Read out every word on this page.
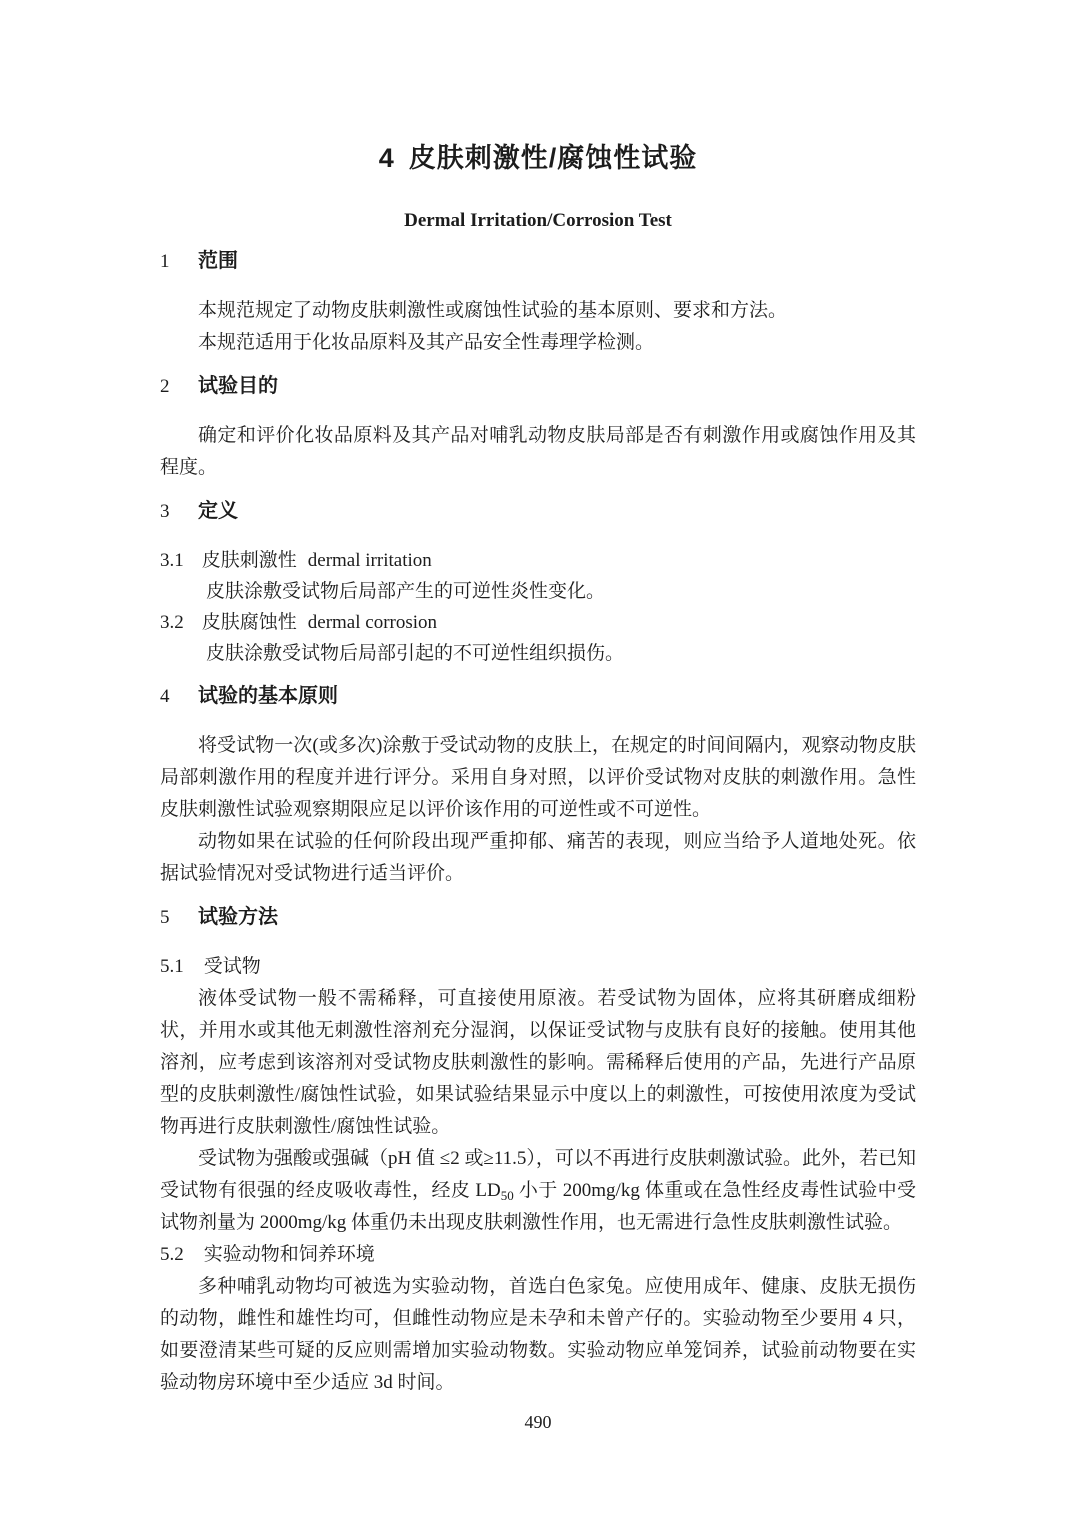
4 皮肤刺激性/腐蚀性试验
Dermal Irritation/Corrosion Test
1 范围
本规范规定了动物皮肤刺激性或腐蚀性试验的基本原则、要求和方法。
本规范适用于化妆品原料及其产品安全性毒理学检测。
2 试验目的
确定和评价化妆品原料及其产品对哺乳动物皮肤局部是否有刺激作用或腐蚀作用及其程度。
3 定义
3.1 皮肤刺激性 dermal irritation
皮肤涂敷受试物后局部产生的可逆性炎性变化。
3.2 皮肤腐蚀性 dermal corrosion
皮肤涂敷受试物后局部引起的不可逆性组织损伤。
4 试验的基本原则
将受试物一次(或多次)涂敷于受试动物的皮肤上，在规定的时间间隔内，观察动物皮肤局部刺激作用的程度并进行评分。采用自身对照，以评价受试物对皮肤的刺激作用。急性皮肤刺激性试验观察期限应足以评价该作用的可逆性或不可逆性。
动物如果在试验的任何阶段出现严重抑郁、痛苦的表现，则应当给予人道地处死。依据试验情况对受试物进行适当评价。
5 试验方法
5.1 受试物
液体受试物一般不需稀释，可直接使用原液。若受试物为固体，应将其研磨成细粉状，并用水或其他无刺激性溶剂充分湿润，以保证受试物与皮肤有良好的接触。使用其他溶剂，应考虑到该溶剂对受试物皮肤刺激性的影响。需稀释后使用的产品，先进行产品原型的皮肤刺激性/腐蚀性试验，如果试验结果显示中度以上的刺激性，可按使用浓度为受试物再进行皮肤刺激性/腐蚀性试验。
受试物为强酸或强碱（pH 值 ≤2 或≥11.5），可以不再进行皮肤刺激试验。此外，若已知受试物有很强的经皮吸收毒性，经皮 $LD_{50}$ 小于 200mg/kg 体重或在急性经皮毒性试验中受试物剂量为 2000mg/kg 体重仍未出现皮肤刺激性作用，也无需进行急性皮肤刺激性试验。
5.2 实验动物和饲养环境
多种哺乳动物均可被选为实验动物，首选白色家兔。应使用成年、健康、皮肤无损伤的动物，雌性和雄性均可，但雌性动物应是未孕和未曾产仔的。实验动物至少要用 4 只，如要澄清某些可疑的反应则需增加实验动物数。实验动物应单笼饲养，试验前动物要在实验动物房环境中至少适应 3d 时间。
490
